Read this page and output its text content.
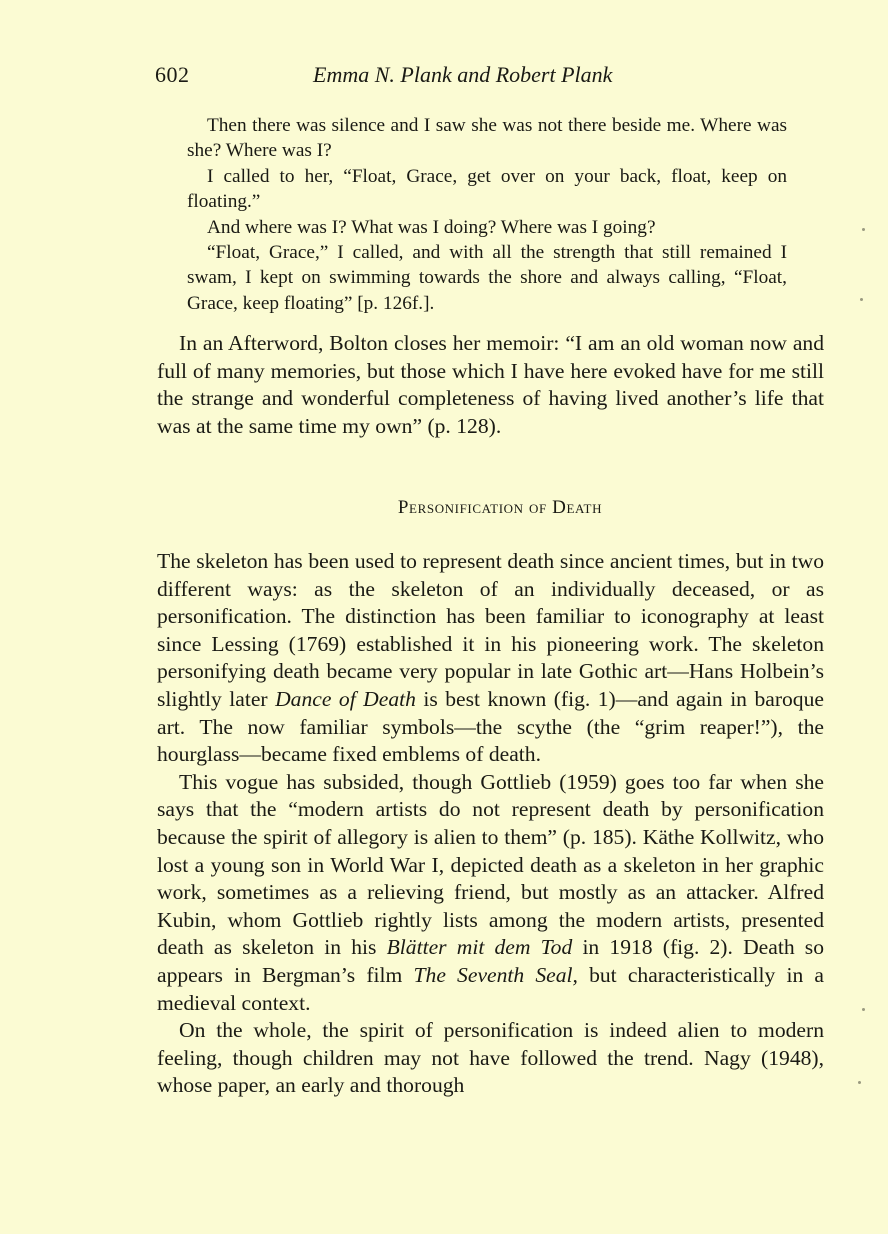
602	Emma N. Plank and Robert Plank

Then there was silence and I saw she was not there beside me. Where was she? Where was I?

I called to her, “Float, Grace, get over on your back, float, keep on floating.”

And where was I? What was I doing? Where was I going?

“Float, Grace,” I called, and with all the strength that still remained I swam, I kept on swimming towards the shore and always calling, “Float, Grace, keep floating” [p. 126f.].

In an Afterword, Bolton closes her memoir: “I am an old woman now and full of many memories, but those which I have here evoked have for me still the strange and wonderful completeness of having lived another’s life that was at the same time my own” (p. 128).

Personification of Death

The skeleton has been used to represent death since ancient times, but in two different ways: as the skeleton of an individually deceased, or as personification. The distinction has been familiar to iconography at least since Lessing (1769) established it in his pioneering work. The skeleton personifying death became very popular in late Gothic art—Hans Holbein’s slightly later Dance of Death is best known (fig. 1)—and again in baroque art. The now familiar symbols—the scythe (the “grim reaper!”), the hourglass—became fixed emblems of death.

This vogue has subsided, though Gottlieb (1959) goes too far when she says that the “modern artists do not represent death by personification because the spirit of allegory is alien to them” (p. 185). Käthe Kollwitz, who lost a young son in World War I, depicted death as a skeleton in her graphic work, sometimes as a relieving friend, but mostly as an attacker. Alfred Kubin, whom Gottlieb rightly lists among the modern artists, presented death as skeleton in his Blätter mit dem Tod in 1918 (fig. 2). Death so appears in Bergman’s film The Seventh Seal, but characteristically in a medieval context.

On the whole, the spirit of personification is indeed alien to modern feeling, though children may not have followed the trend. Nagy (1948), whose paper, an early and thorough
